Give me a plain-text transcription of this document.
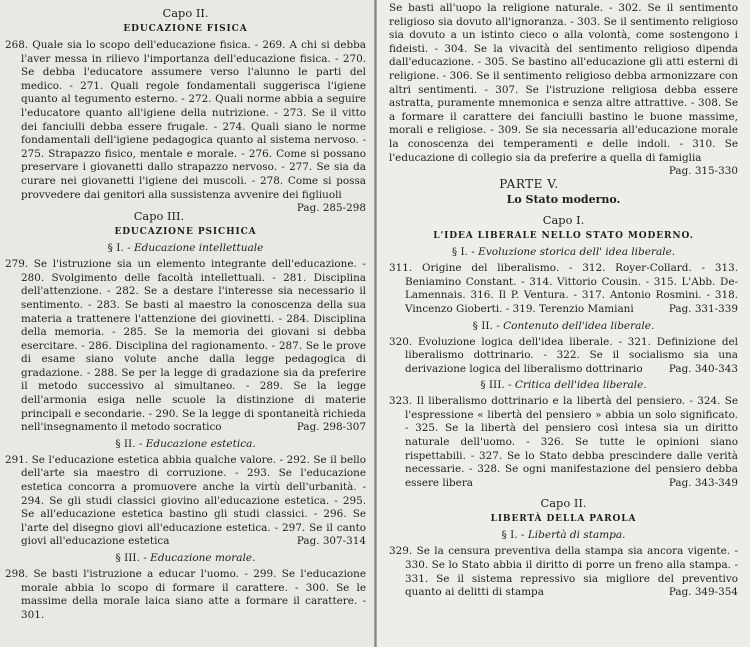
Capo II.
EDUCAZIONE FISICA

268. Quale sia lo scopo dell'educazione fisica. - 269. A chi si debba l'aver messa in rilievo l'importanza dell'educazione fisica. - 270. Se debba l'educatore assumere verso l'alunno le parti del medico. - 271. Quali regole fondamentali suggerisca l'igiene quanto al tegumento esterno. - 272. Quali norme abbia a seguire l'educatore quanto all'igiene della nutrizione. - 273. Se il vitto dei fanciulli debba essere frugale. - 274. Quali siano le norme fondamentali dell'igiene pedagogica quanto al sistema nervoso. - 275. Strapazzo fisico, mentale e morale. - 276. Come si possano preservare i giovanetti dallo strapazzo nervoso. - 277. Se sia da curare nei giovanetti l'igiene dei muscoli. - 278. Come si possa provvedere dai genitori alla sussistenza avvenire dei figliuoli
Pag. 285-298

Capo III.
EDUCAZIONE PSICHICA
§ I. - Educazione intellettuale

279. Se l'istruzione sia un elemento integrante dell'educazione. - 280. Svolgimento delle facoltà intellettuali. - 281. Disciplina dell'attenzione. - 282. Se a destare l'interesse sia necessario il sentimento. - 283. Se basti al maestro la conoscenza della sua materia a trattenere l'attenzione dei giovinetti. - 284. Disciplina della memoria. - 285. Se la memoria dei giovani si debba esercitare. - 286. Disciplina del ragionamento. - 287. Se le prove di esame siano volute anche dalla legge pedagogica di gradazione. - 288. Se per la legge di gradazione sia da preferire il metodo successivo al simultaneo. - 289. Se la legge dell'armonia esiga nelle scuole la distinzione di materie principali e secondarie. - 290. Se la legge di spontaneità richieda nell'insegnamento il metodo socratico	Pag. 298-307

§ II. - Educazione estetica.

291. Se l'educazione estetica abbia qualche valore. - 292. Se il bello dell'arte sia maestro di corruzione. - 293. Se l'educazione estetica concorra a promuovere anche la virtù dell'urbanità. - 294. Se gli studi classici giovino all'educazione estetica. - 295. Se all'educazione estetica bastino gli studi classici. - 296. Se l'arte del disegno giovi all'educazione estetica. - 297. Se il canto giovi all'educazione estetica	Pag. 307-314

§ III. - Educazione morale.

298. Se basti l'istruzione a educar l'uomo. - 299. Se l'educazione morale abbia lo scopo di formare il carattere. - 300. Se le massime della morale laica siano atte a formare il carattere. - 301.

Se basti all'uopo la religione naturale. - 302. Se il sentimento religioso sia dovuto all'ignoranza. - 303. Se il sentimento religioso sia dovuto a un istinto cieco o alla volontà, come sostengono i fideisti. - 304. Se la vivacità del sentimento religioso dipenda dall'educazione. - 305. Se bastino all'educazione gli atti esterni di religione. - 306. Se il sentimento religioso debba armonizzare con altri sentimenti. - 307. Se l'istruzione religiosa debba essere astratta, puramente mnemonica e senza altre attrattive. - 308. Se a formare il carattere dei fanciulli bastino le buone massime, morali e religiose. - 309. Se sia necessaria all'educazione morale la conoscenza dei temperamenti e delle indoli. - 310. Se l'educazione di collegio sia da preferire a quella di famiglia
Pag. 315-330

PARTE V.
Lo Stato moderno.
Capo I.
L'IDEA LIBERALE NELLO STATO MODERNO.
§ I. - Evoluzione storica dell' idea liberale.

311. Origine del liberalismo. - 312. Royer-Collard. - 313. Beniamino Constant. - 314. Vittorio Cousin. - 315. L'Abb. De-Lamennais. 316. Il P. Ventura. - 317. Antonio Rosmini. - 318. Vincenzo Gioberti. - 319. Terenzio Mamiani	Pag. 331-339

§ II. - Contenuto dell'idea liberale.

320. Evoluzione logica dell'idea liberale. - 321. Definizione del liberalismo dottrinario. - 322. Se il socialismo sia una derivazione logica del liberalismo dottrinario	Pag. 340-343

§ III. - Critica dell'idea liberale.

323. Il liberalismo dottrinario e la libertà del pensiero. - 324. Se l'espressione « libertà del pensiero » abbia un solo significato. - 325. Se la libertà del pensiero così intesa sia un diritto naturale dell'uomo. - 326. Se tutte le opinioni siano rispettabili. - 327. Se lo Stato debba prescindere dalle verità necessarie. - 328. Se ogni manifestazione del pensiero debba essere libera	Pag. 343-349

Capo II.
LIBERTÀ DELLA PAROLA
§ I. - Libertà di stampa.

329. Se la censura preventiva della stampa sia ancora vigente. - 330. Se lo Stato abbia il diritto di porre un freno alla stampa. - 331. Se il sistema repressivo sia migliore del preventivo quanto ai delitti di stampa	Pag. 349-354
